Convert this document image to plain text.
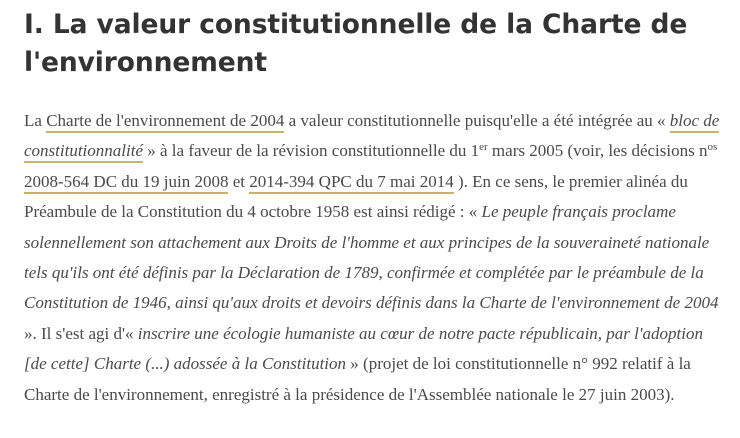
I. La valeur constitutionnelle de la Charte de
l'environnement

La Charte de l'environnement de 2004 a valeur constitutionnelle puisqu'elle a été intégrée au « bloc de constitutionnalité » à la faveur de la révision constitutionnelle du 1er mars 2005 (voir, les décisions $n^{os}$ 2008-564 DC du 19 juin 2008 et 2014-394 QPC du 7 mai 2014 ). En ce sens, le premier alinéa du Préambule de la Constitution du 4 octobre 1958 est ainsi rédigé : « Le peuple français proclame solennellement son attachement aux Droits de l'homme et aux principes de la souveraineté nationale tels qu'ils ont été définis par la Déclaration de 1789, confirmée et complétée par le préambule de la Constitution de 1946, ainsi qu'aux droits et devoirs définis dans la Charte de l'environnement de 2004 ». Il s'est agi d'« inscrire une écologie humaniste au cœur de notre pacte républicain, par l'adoption [de cette] Charte (...) adossée à la Constitution » (projet de loi constitutionnelle n° 992 relatif à la Charte de l'environnement, enregistré à la présidence de l'Assemblée nationale le 27 juin 2003).
